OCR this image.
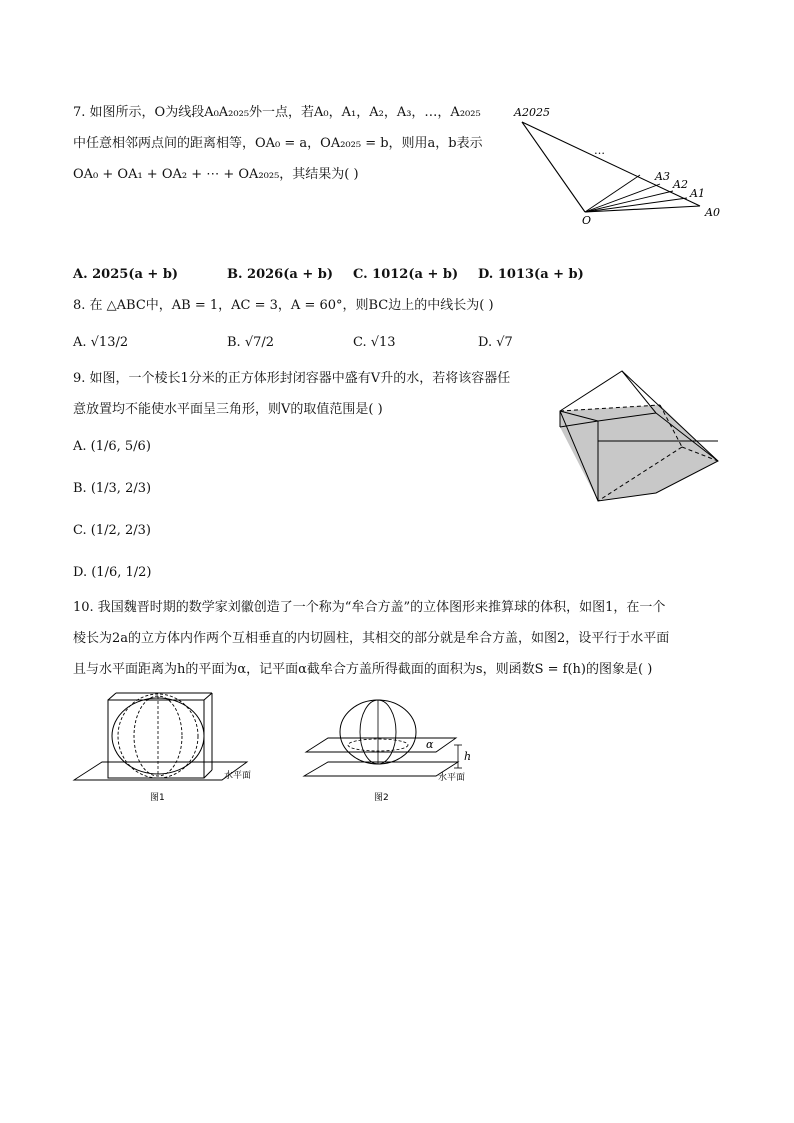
7. 如图所示，O为线段A₀A₂₀₂₅外一点，若A₀，A₁，A₂，A₃，…，A₂₀₂₅
中任意相邻两点间的距离相等，OA₀ = a，OA₂₀₂₅ = b，则用a，b表示
OA₀ + OA₁ + OA₂ + ⋯ + OA₂₀₂₅，其结果为( )
A2025
…
A3
A2
A1
A0
O
A. 2025(a + b)	B. 2026(a + b) C. 1012(a + b) D. 1013(a + b)
8. 在 △ABC中，AB = 1，AC = 3，A = 60°，则BC边上的中线长为( )
A. √13/2	B. √7/2	C. √13	D. √7
9. 如图，一个棱长1分米的正方体形封闭容器中盛有V升的水，若将该容器任
意放置均不能使水平面呈三角形，则V的取值范围是( )
A. (1/6, 5/6)
B. (1/3, 2/3)
C. (1/2, 2/3)
D. (1/6, 1/2)
10. 我国魏晋时期的数学家刘徽创造了一个称为“牟合方盖”的立体图形来推算球的体积，如图1，在一个
棱长为2a的立方体内作两个互相垂直的内切圆柱，其相交的部分就是牟合方盖，如图2，设平行于水平面
且与水平面距离为h的平面为α，记平面α截牟合方盖所得截面的面积为s，则函数S = f(h)的图象是( )
水平面
图1
h
α
水平面
图2
